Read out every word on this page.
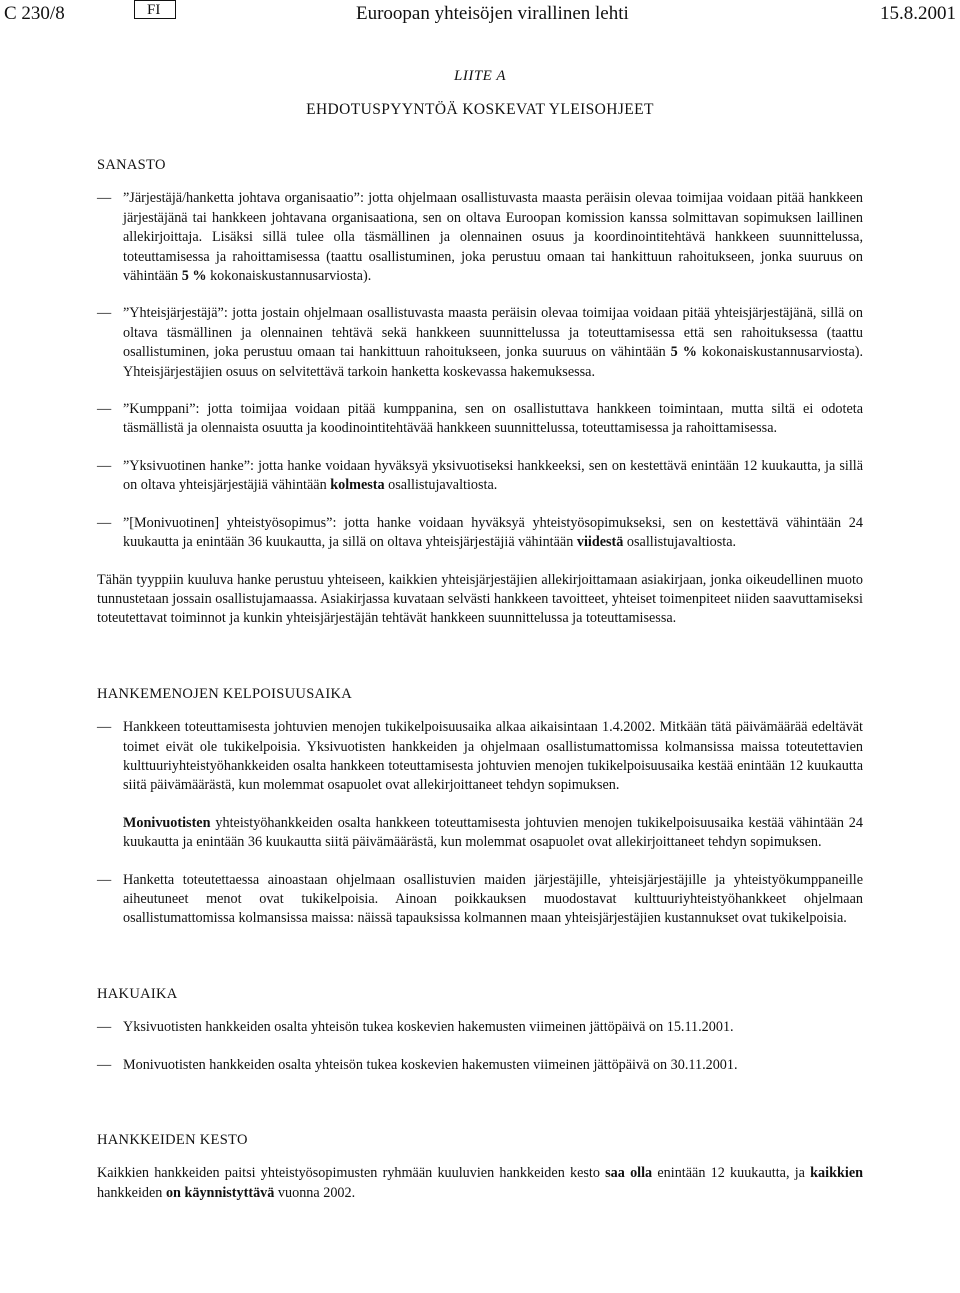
C 230/8	FI	Euroopan yhteisöjen virallinen lehti	15.8.2001
LIITE A
EHDOTUSPYYNTÖÄ KOSKEVAT YLEISOHJEET
SANASTO
— ”Järjestäjä/hanketta johtava organisaatio”: jotta ohjelmaan osallistuvasta maasta peräisin olevaa toimijaa voidaan pitää hankkeen järjestäjänä tai hankkeen johtavana organisaationa, sen on oltava Euroopan komission kanssa solmittavan sopimuksen laillinen allekirjoittaja. Lisäksi sillä tulee olla täsmällinen ja olennainen osuus ja koordinointitehtävä hankkeen suunnittelussa, toteuttamisessa ja rahoittamisessa (taattu osallistuminen, joka perustuu omaan tai hankittuun rahoitukseen, jonka suuruus on vähintään 5 % kokonaiskustannusarviosta).
— ”Yhteisjärjestäjä”: jotta jostain ohjelmaan osallistuvasta maasta peräisin olevaa toimijaa voidaan pitää yhteisjärjestäjänä, sillä on oltava täsmällinen ja olennainen tehtävä sekä hankkeen suunnittelussa ja toteuttamisessa että sen rahoituksessa (taattu osallistuminen, joka perustuu omaan tai hankittuun rahoitukseen, jonka suuruus on vähintään 5 % kokonaiskustannusarviosta). Yhteisjärjestäjien osuus on selvitettävä tarkoin hanketta koskevassa hakemuksessa.
— ”Kumppani”: jotta toimijaa voidaan pitää kumppanina, sen on osallistuttava hankkeen toimintaan, mutta siltä ei odoteta täsmällistä ja olennaista osuutta ja koodinointitehtävää hankkeen suunnittelussa, toteuttamisessa ja rahoittamisessa.
— ”Yksivuotinen hanke”: jotta hanke voidaan hyväksyä yksivuotiseksi hankkeeksi, sen on kestettävä enintään 12 kuukautta, ja sillä on oltava yhteisjärjestäjiä vähintään kolmesta osallistujavaltiosta.
— ”[Monivuotinen] yhteistyösopimus”: jotta hanke voidaan hyväksyä yhteistyösopimukseksi, sen on kestettävä vähintään 24 kuukautta ja enintään 36 kuukautta, ja sillä on oltava yhteisjärjestäjiä vähintään viidestä osallistujavaltiosta.
Tähän tyyppiin kuuluva hanke perustuu yhteiseen, kaikkien yhteisjärjestäjien allekirjoittamaan asiakirjaan, jonka oikeudellinen muoto tunnustetaan jossain osallistujamaassa. Asiakirjassa kuvataan selvästi hankkeen tavoitteet, yhteiset toimenpiteet niiden saavuttamiseksi toteutettavat toiminnot ja kunkin yhteisjärjestäjän tehtävät hankkeen suunnittelussa ja toteuttamisessa.
HANKEMENOJEN KELPOISUUSAIKA
— Hankkeen toteuttamisesta johtuvien menojen tukikelpoisuusaika alkaa aikaisintaan 1.4.2002. Mitkään tätä päivämäärää edeltävät toimet eivät ole tukikelpoisia. Yksivuotisten hankkeiden ja ohjelmaan osallistumattomissa kolmansissa maissa toteutettavien kulttuuriyhteistyöhankkeiden osalta hankkeen toteuttamisesta johtuvien menojen tukikelpoisuusaika kestää enintään 12 kuukautta siitä päivämäärästä, kun molemmat osapuolet ovat allekirjoittaneet tehdyn sopimuksen.
Monivuotisten yhteistyöhankkeiden osalta hankkeen toteuttamisesta johtuvien menojen tukikelpoisuusaika kestää vähintään 24 kuukautta ja enintään 36 kuukautta siitä päivämäärästä, kun molemmat osapuolet ovat allekirjoittaneet tehdyn sopimuksen.
— Hanketta toteutettaessa ainoastaan ohjelmaan osallistuvien maiden järjestäjille, yhteisjärjestäjille ja yhteistyökumppaneille aiheutuneet menot ovat tukikelpoisia. Ainoan poikkauksen muodostavat kulttuuriyhteistyöhankkeet ohjelmaan osallistumattomissa kolmansissa maissa: näissä tapauksissa kolmannen maan yhteisjärjestäjien kustannukset ovat tukikelpoisia.
HAKUAIKA
— Yksivuotisten hankkeiden osalta yhteisön tukea koskevien hakemusten viimeinen jättöpäivä on 15.11.2001.
— Monivuotisten hankkeiden osalta yhteisön tukea koskevien hakemusten viimeinen jättöpäivä on 30.11.2001.
HANKKEIDEN KESTO
Kaikkien hankkeiden paitsi yhteistyösopimusten ryhmään kuuluvien hankkeiden kesto saa olla enintään 12 kuukautta, ja kaikkien hankkeiden on käynnistyttävä vuonna 2002.
